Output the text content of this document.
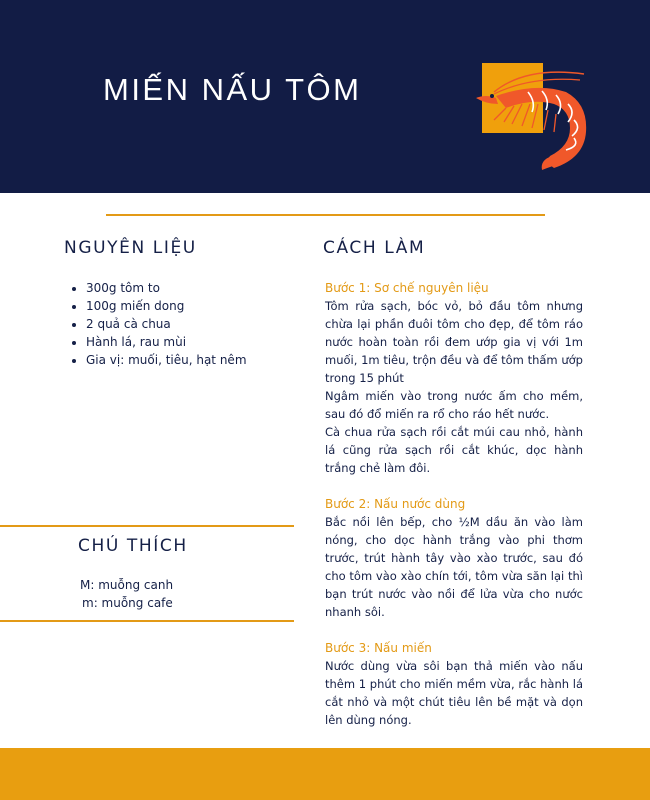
MIẾN NẤU TÔM
NGUYÊN LIỆU
• 300g tôm to
• 100g miến dong
• 2 quả cà chua
• Hành lá, rau mùi
• Gia vị: muối, tiêu, hạt nêm
CHÚ THÍCH
M: muỗng canh
m: muỗng cafe
CÁCH LÀM
Bước 1: Sơ chế nguyên liệu
Tôm rửa sạch, bóc vỏ, bỏ đầu tôm nhưng chừa lại phần đuôi tôm cho đẹp, để tôm ráo nước hoàn toàn rồi đem ướp gia vị với 1m muối, 1m tiêu, trộn đều và để tôm thấm ướp trong 15 phút
Ngâm miến vào trong nước ấm cho mềm, sau đó đổ miến ra rổ cho ráo hết nước.
Cà chua rửa sạch rồi cắt múi cau nhỏ, hành lá cũng rửa sạch rồi cắt khúc, dọc hành trắng chẻ làm đôi.
Bước 2: Nấu nước dùng
Bắc nồi lên bếp, cho ½M dầu ăn vào làm nóng, cho dọc hành trắng vào phi thơm trước, trút hành tây vào xào trước, sau đó cho tôm vào xào chín tới, tôm vừa săn lại thì bạn trút nước vào nồi để lửa vừa cho nước nhanh sôi.
Bước 3: Nấu miến
Nước dùng vừa sôi bạn thả miến vào nấu thêm 1 phút cho miến mềm vừa, rắc hành lá cắt nhỏ và một chút tiêu lên bề mặt và dọn lên dùng nóng.
